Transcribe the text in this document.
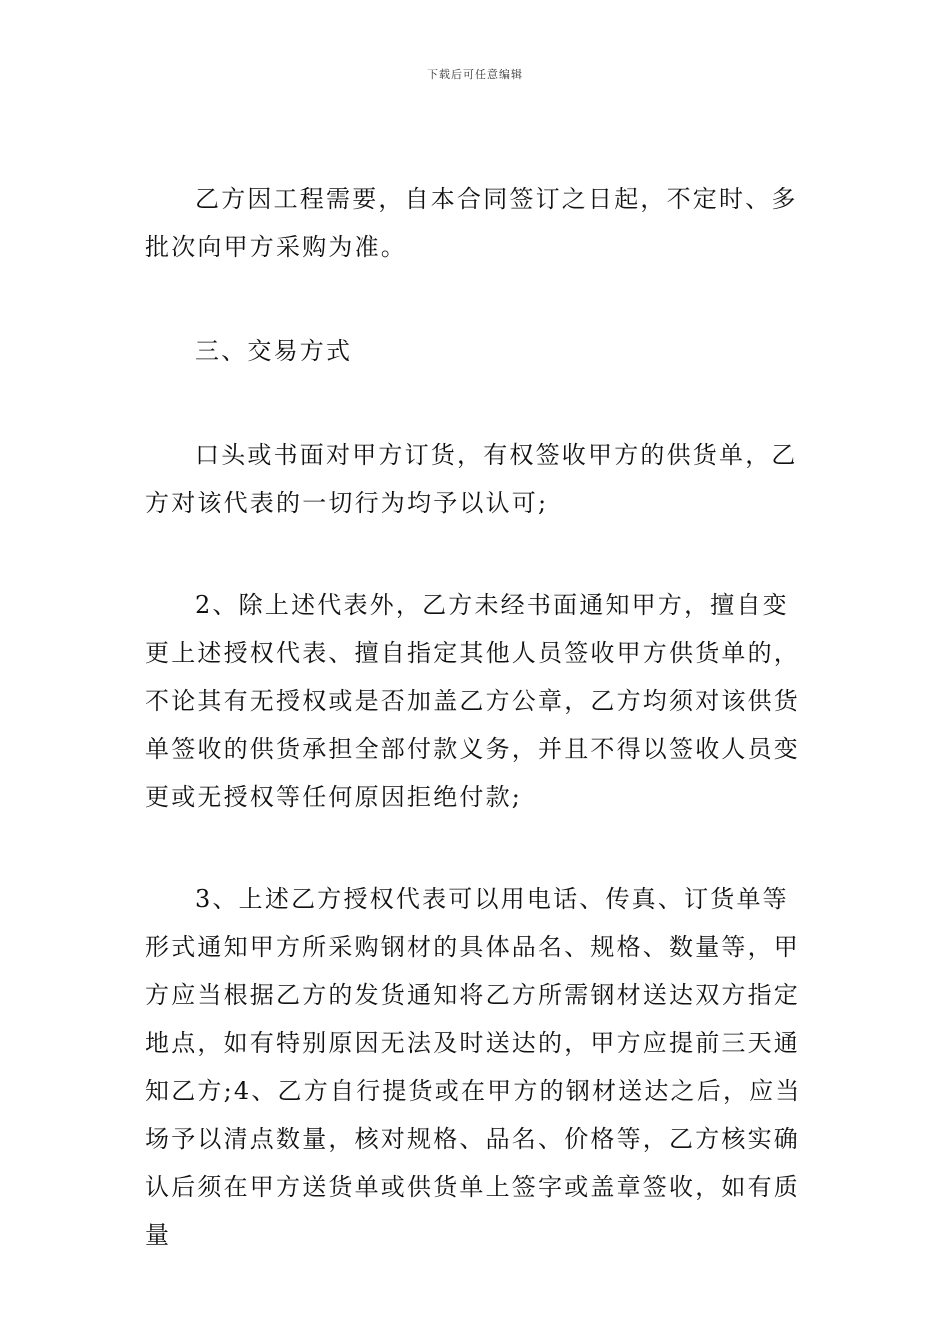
下载后可任意编辑

乙方因工程需要，自本合同签订之日起，不定时、多批次向甲方采购为准。

三、交易方式

口头或书面对甲方订货，有权签收甲方的供货单，乙方对该代表的一切行为均予以认可;

2、除上述代表外，乙方未经书面通知甲方，擅自变更上述授权代表、擅自指定其他人员签收甲方供货单的，不论其有无授权或是否加盖乙方公章，乙方均须对该供货单签收的供货承担全部付款义务，并且不得以签收人员变更或无授权等任何原因拒绝付款;

3、上述乙方授权代表可以用电话、传真、订货单等形式通知甲方所采购钢材的具体品名、规格、数量等，甲方应当根据乙方的发货通知将乙方所需钢材送达双方指定地点，如有特别原因无法及时送达的，甲方应提前三天通知乙方;4、乙方自行提货或在甲方的钢材送达之后，应当场予以清点数量，核对规格、品名、价格等，乙方核实确认后须在甲方送货单或供货单上签字或盖章签收，如有质量
